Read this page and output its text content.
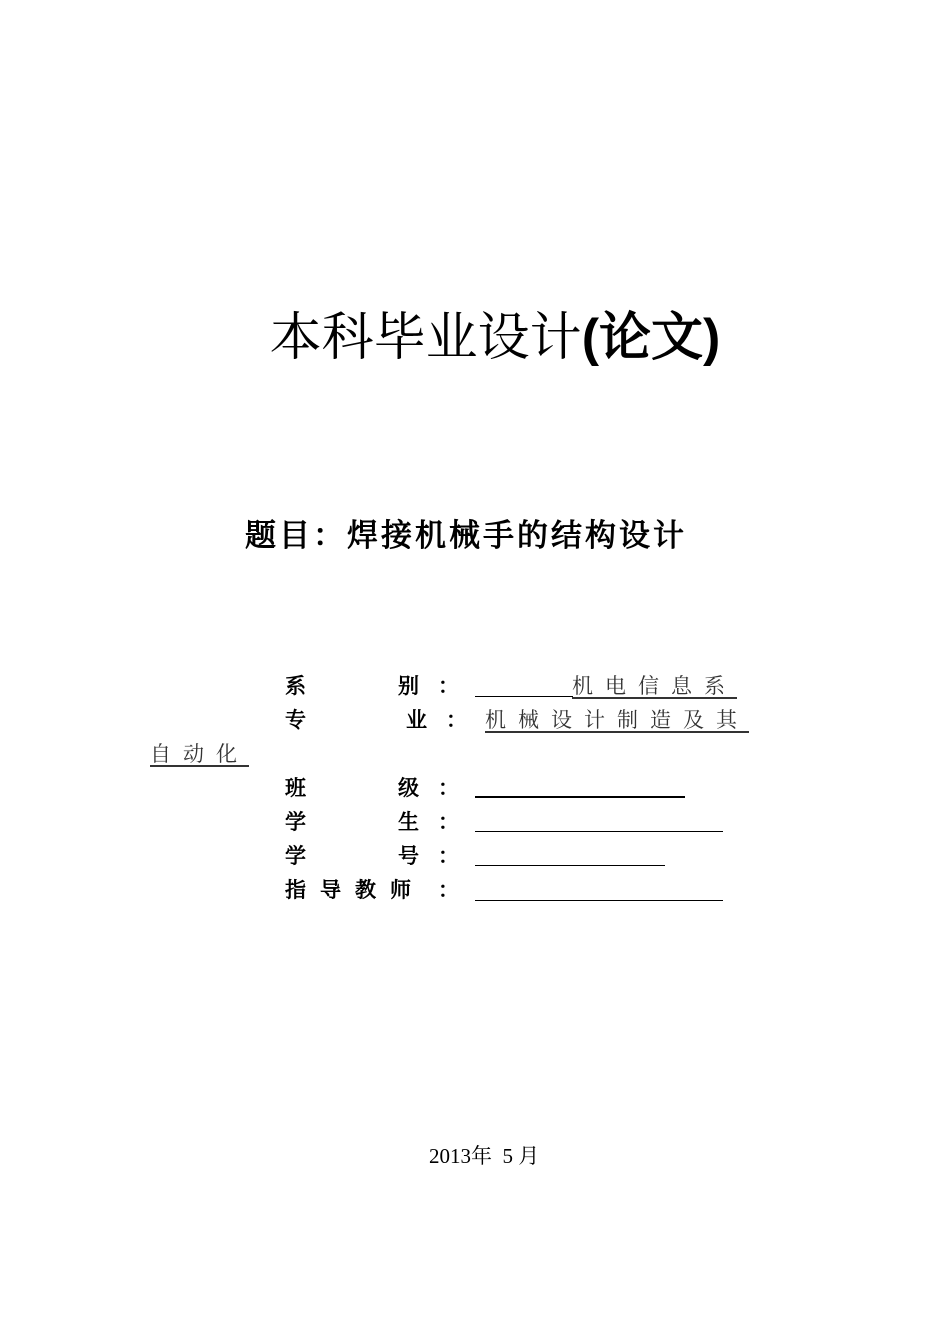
本科毕业设计(论文)
题目：焊接机械手的结构设计
系	别 ：	机电信息系
专	业 ： 机械设计制造及其
自动化
班	级 ：
学	生 ：
学	号 ：
指导教师 ：
2013年 5 月
